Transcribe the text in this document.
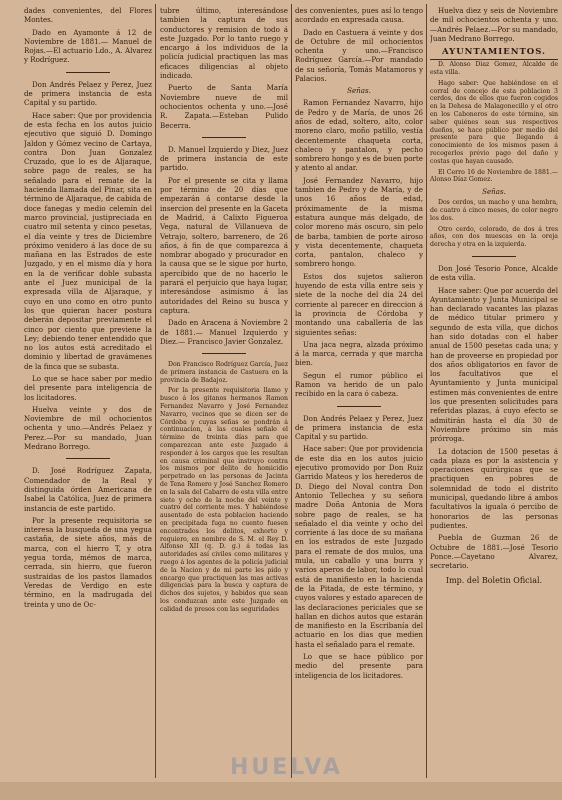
dades convenientes, del Flores Montes.

Dado en Ayamonte á 12 de Noviembre de 1881.— Manuel de Rojas.—El actuario Ldo., A. Alvarez y Rodríguez.

Don Andrés Pelaez y Perez, Juez de primera instancia de esta Capital y su partido.

Hace saber: Que por providencia de esta fecha en los autos juicio ejecutivo que siguió D. Domingo Jaldon y Gómez vecino de Cartaya, contra Don Juan Gonzalez Cruzado, que lo es de Aljaraque, sobre pago de reales, se ha señalado para el remate de la hacienda llamada del Pinar, sita en término de Aljaraque, de cabida de doce fanegas y medio celemín del marco provincial, justipreciada en cuatro mil setenta y cinco pesetas, el día veinte y tres de Diciembre próximo venidero á las doce de su mañana en las Estrados de este Juzgado, y en el mismo día y hora en la de verificar doble subasta ante el Juez municipal de la expresada villa de Aljaraque, y cuyo en uno como en otro punto los que quieran hacer postura deberán depositar previamente el cinco por ciento que previene la Ley; debiendo tener entendido que no los autos está acreditado el dominio y libertad de gravámenes de la finca que se subasta.

Lo que se hace saber por medio del presente para inteligencia de los licitadores.

Huelva veinte y dos de Noviembre de mil ochocientos ochenta y uno.—Andrés Pelaez y Perez.—Por su mandado, Juan Medrano Borrego.

D. José Rodríguez Zapata, Comendador de la Real y distinguida órden Americana de Isabel la Católica, Juez de primera instancia de este partido.

Por la presente requisitoria se interesa la busqueda de una yegua castaña, de siete años, más de marca, con el hierro T, y otra yegua torda, mémos de marca, cerrada, sin hierro, que fueron sustraidas de los pastos llamados Veredas de Verdigo en este término, en la madrugada del treinta y uno de Oc-

tubre último, interesándose tambien la captura de sus conductores y remision de todo á este Juzgado. Por lo tanto ruego y encargo á los individuos de la policía judicial practiquen las mas eficaces diligencias al objeto indicado.

Puerto de Santa María Noviembre nueve de mil ochocientos ochenta y uno.—José R. Zapata.—Esteban Pulido Becerra.

D. Manuel Izquierdo y Diez, Juez de primera instancia de este partido.

Por el presente se cita y llama por término de 20 días que empezarán á contarse desde la insercion del presente en la Gaceta de Madrid, á Calixto Figueroa Vega, natural de Villanueva de Vetrajo, soltero, barrenero, de 26 años, á fin de que comparezca á nombrar abogado y procurador en la causa que se le sigue por hurto, apercibido que de no hacerlo le parará el perjuicio que haya lugar, interesándose asimismo á las autoridades del Reino su busca y captura.

Dado en Aracena á Noviembre 2 de 1881.— Manuel Izquierdo y Diez.— Francisco Javier Gonzalez.

Don Francisco Rodríguez García, Juez de primera instancia de Castuera en la provincia de Badajoz.

Por la presente requisitoria llamo y busco á los gitanos hermanos Ramon Fernandez Navarro y José Fernandez Navarro, vecinos que se dicen ser de Córdoba y cuyas señas se pondrán á continuacion, á las cuales señalo el término de treinta días para que comparezcan ante este Juzgado á responder á los cargos que les resultan en causa criminal que instruyo contra los mismos por delito de homicidio perpetrado en las personas de Jacinta de Tena Romero y José Sanchez Romero en la sala del Cabarro de esta villa entre siete y ocho de la noche del veinte y cuatro del corriente mes. Y habiéndose ausentado de esta poblacion haciendo en precipitada fuga no cuento fuesen encontrados los delitos, exhorto y requiero, en nombre de S. M. el Rey D. Alfonso XII (q. D. g.) á todas las autoridades así civiles como militares y ruego á los agentes de la policía judicial de la Nacion y de mi parte les pido y encargo que practiquen las mas activas diligencias para la busca y captura de dichos dos sujetos, y habidos que sean los conduzcan ante este Juzgado en calidad de presos con las seguridades

des convenientes, pues así lo tengo acordado en expresada causa.

Dado en Castuera á veinte y dos de Octubre de mil ochocientos ochenta y uno.—Francisco Rodríguez García.—Por mandado de su señoría, Tomás Matamoros y Palacios.

Señas.

Ramon Fernandez Navarro, hijo de Pedro y de María, de unos 26 años de edad, soltero, alto, color moreno claro, moño patillo, vestía decentemente chaqueta corta, chaleco y pantalon, y pecho sombrero hongo y es de buen porte y atento al andar.

José Fernandez Navarro, hijo tambien de Pedro y de María, y de unos 16 años de edad, próximamente de la misma estatura aunque más delgado, de color moreno más oscuro, sin pelo de barba, tambien de porte airoso y vista decentemente, chaqueta corta, pantalon, chaleco y sombrero hongo.

Estos dos sujetos salieron huyendo de esta villa entre seis y siete de la noche del dia 24 del corriente al parecer en direccion á la provincia de Córdoba y montando una caballería de las siguientes señas:

Una jaca negra, alzada próximo á la marca, cerrada y que marcha bien.

Segun el rumor público el Ramon va herido de un palo recibido en la cara ó cabeza.

Don Andrés Pelaez y Perez, Juez de primera instancia de esta Capital y su partido.

Hace saber: Que por providencia de este dia en los autos juicio ejecutivo promovido por Don Ruiz Garrido Mateos y los herederos de D. Diego del Noval contra Don Antonio Tellechea y su señora madre Doña Antonia de Mora sobre pago de reales, se ha señalado el dia veinte y ocho del corriente á las doce de su mañana en los estrados de este Juzgado para el remate de dos mulos, una mula, un caballo y una burra y varios aperos de labor, todo lo cual está de manifiesto en la hacienda de la Pitada, de este término, y cuyos valores y estado aparecen de las declaraciones periciales que se hallan en dichos autos que estarán de manifiesto en la Escribanía del actuario en los dias que medien hasta el señalado para el remate.

Lo que se hace público por medio del presente para inteligencia de los licitadores.

Huelva diez y seis de Noviembre de mil ochocientos ochenta y uno.—Andrés Pelaez.—Por su mandado, Juan Medrano Borrego.

AYUNTAMIENTOS.

D. Alonso Diaz Gomez, Alcalde de esta villa.

Hago saber: Que habiéndose en el corral de concejo de esta poblacion 3 cerdos, dos de ellos que fueron cogidos en la Dehesa de Malagonecillo y el otro en los Caboneros de este término, sin saber quiénes sean sus respectivos dueños, se hace público por medio del presente para que llegando á conocimiento de los mismos pasen á recogerlos prévio pago del daño y costas que hayan causado.

El Cerro 16 de Noviembre de 1881.—Alonso Díaz Gomez.

Señas.

Dos cerdos, un macho y una hembra, de cuatro á cinco meses, de color negro los dos.

Otro cerdo, colorado, de dos á tres años, con dos muescas en la oreja derecha y otra en la izquierda.

Don José Tesorio Ponce, Alcalde de esta villa.

Hace saber: Que por acuerdo del Ayuntamiento y Junta Municipal se han declarado vacantes las plazas de médico titular primero y segundo de esta villa, que dichos han sido dotadas con el haber anual de 1500 pesetas cada una; y han de proveerse en propiedad por dos años obligatorios en favor de los facultativos que el Ayuntamiento y Junta municipal estimen más convenientes de entre los que presenten solicitudes para referidas plazas, á cuyo efecto se admitirán hasta el día 30 de Noviembre próximo sin más prórroga.

La dotacion de 1500 pesetas á cada plaza es por la asistencia y operaciones quirúrgicas que se practiquen en pobres de solemnidad de todo el distrito municipal, quedando libre á ambos facultativos la iguala ó percibo de honorarios de las personas pudientes.

Puebla de Guzman 26 de Octubre de 1881.—José Tesorio Ponce.—Cayetano Alvarez, secretario.

Imp. del Boletin Oficial.
HUELVA
